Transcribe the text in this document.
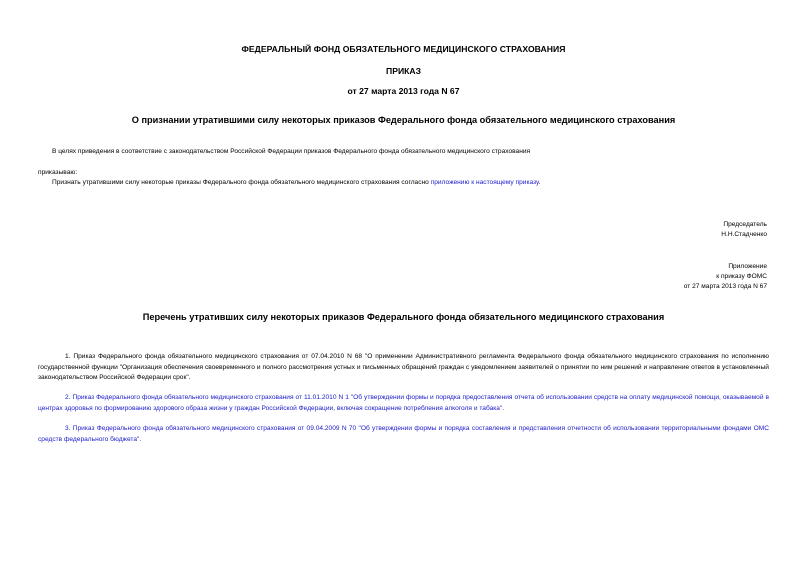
ФЕДЕРАЛЬНЫЙ ФОНД ОБЯЗАТЕЛЬНОГО МЕДИЦИНСКОГО СТРАХОВАНИЯ
ПРИКАЗ
от 27 марта 2013 года N 67
О признании утратившими силу некоторых приказов Федерального фонда обязательного медицинского страхования
В целях приведения в соответствие с законодательством Российской Федерации приказов Федерального фонда обязательного медицинского страхования
приказываю:
Признать утратившими силу некоторые приказы Федерального фонда обязательного медицинского страхования согласно приложению к настоящему приказу.
Председатель
Н.Н.Стадченко
Приложение
к приказу ФОМС
от 27 марта 2013 года N 67
Перечень утративших силу некоторых приказов Федерального фонда обязательного медицинского страхования
1. Приказ Федерального фонда обязательного медицинского страхования от 07.04.2010 N 68 "О применении Административного регламента Федерального фонда обязательного медицинского страхования по исполнению государственной функции "Организация обеспечения своевременного и полного рассмотрения устных и письменных обращений граждан с уведомлением заявителей о принятии по ним решений и направление ответов в установленный законодательством Российской Федерации срок".
2. Приказ Федерального фонда обязательного медицинского страхования от 11.01.2010 N 1 "Об утверждении формы и порядка предоставления отчета об использовании средств на оплату медицинской помощи, оказываемой в центрах здоровья по формированию здорового образа жизни у граждан Российской Федерации, включая сокращение потребления алкоголя и табака".
3. Приказ Федерального фонда обязательного медицинского страхования от 09.04.2009 N 70 "Об утверждении формы и порядка составления и представления отчетности об использовании территориальными фондами ОМС средств федерального бюджета".
